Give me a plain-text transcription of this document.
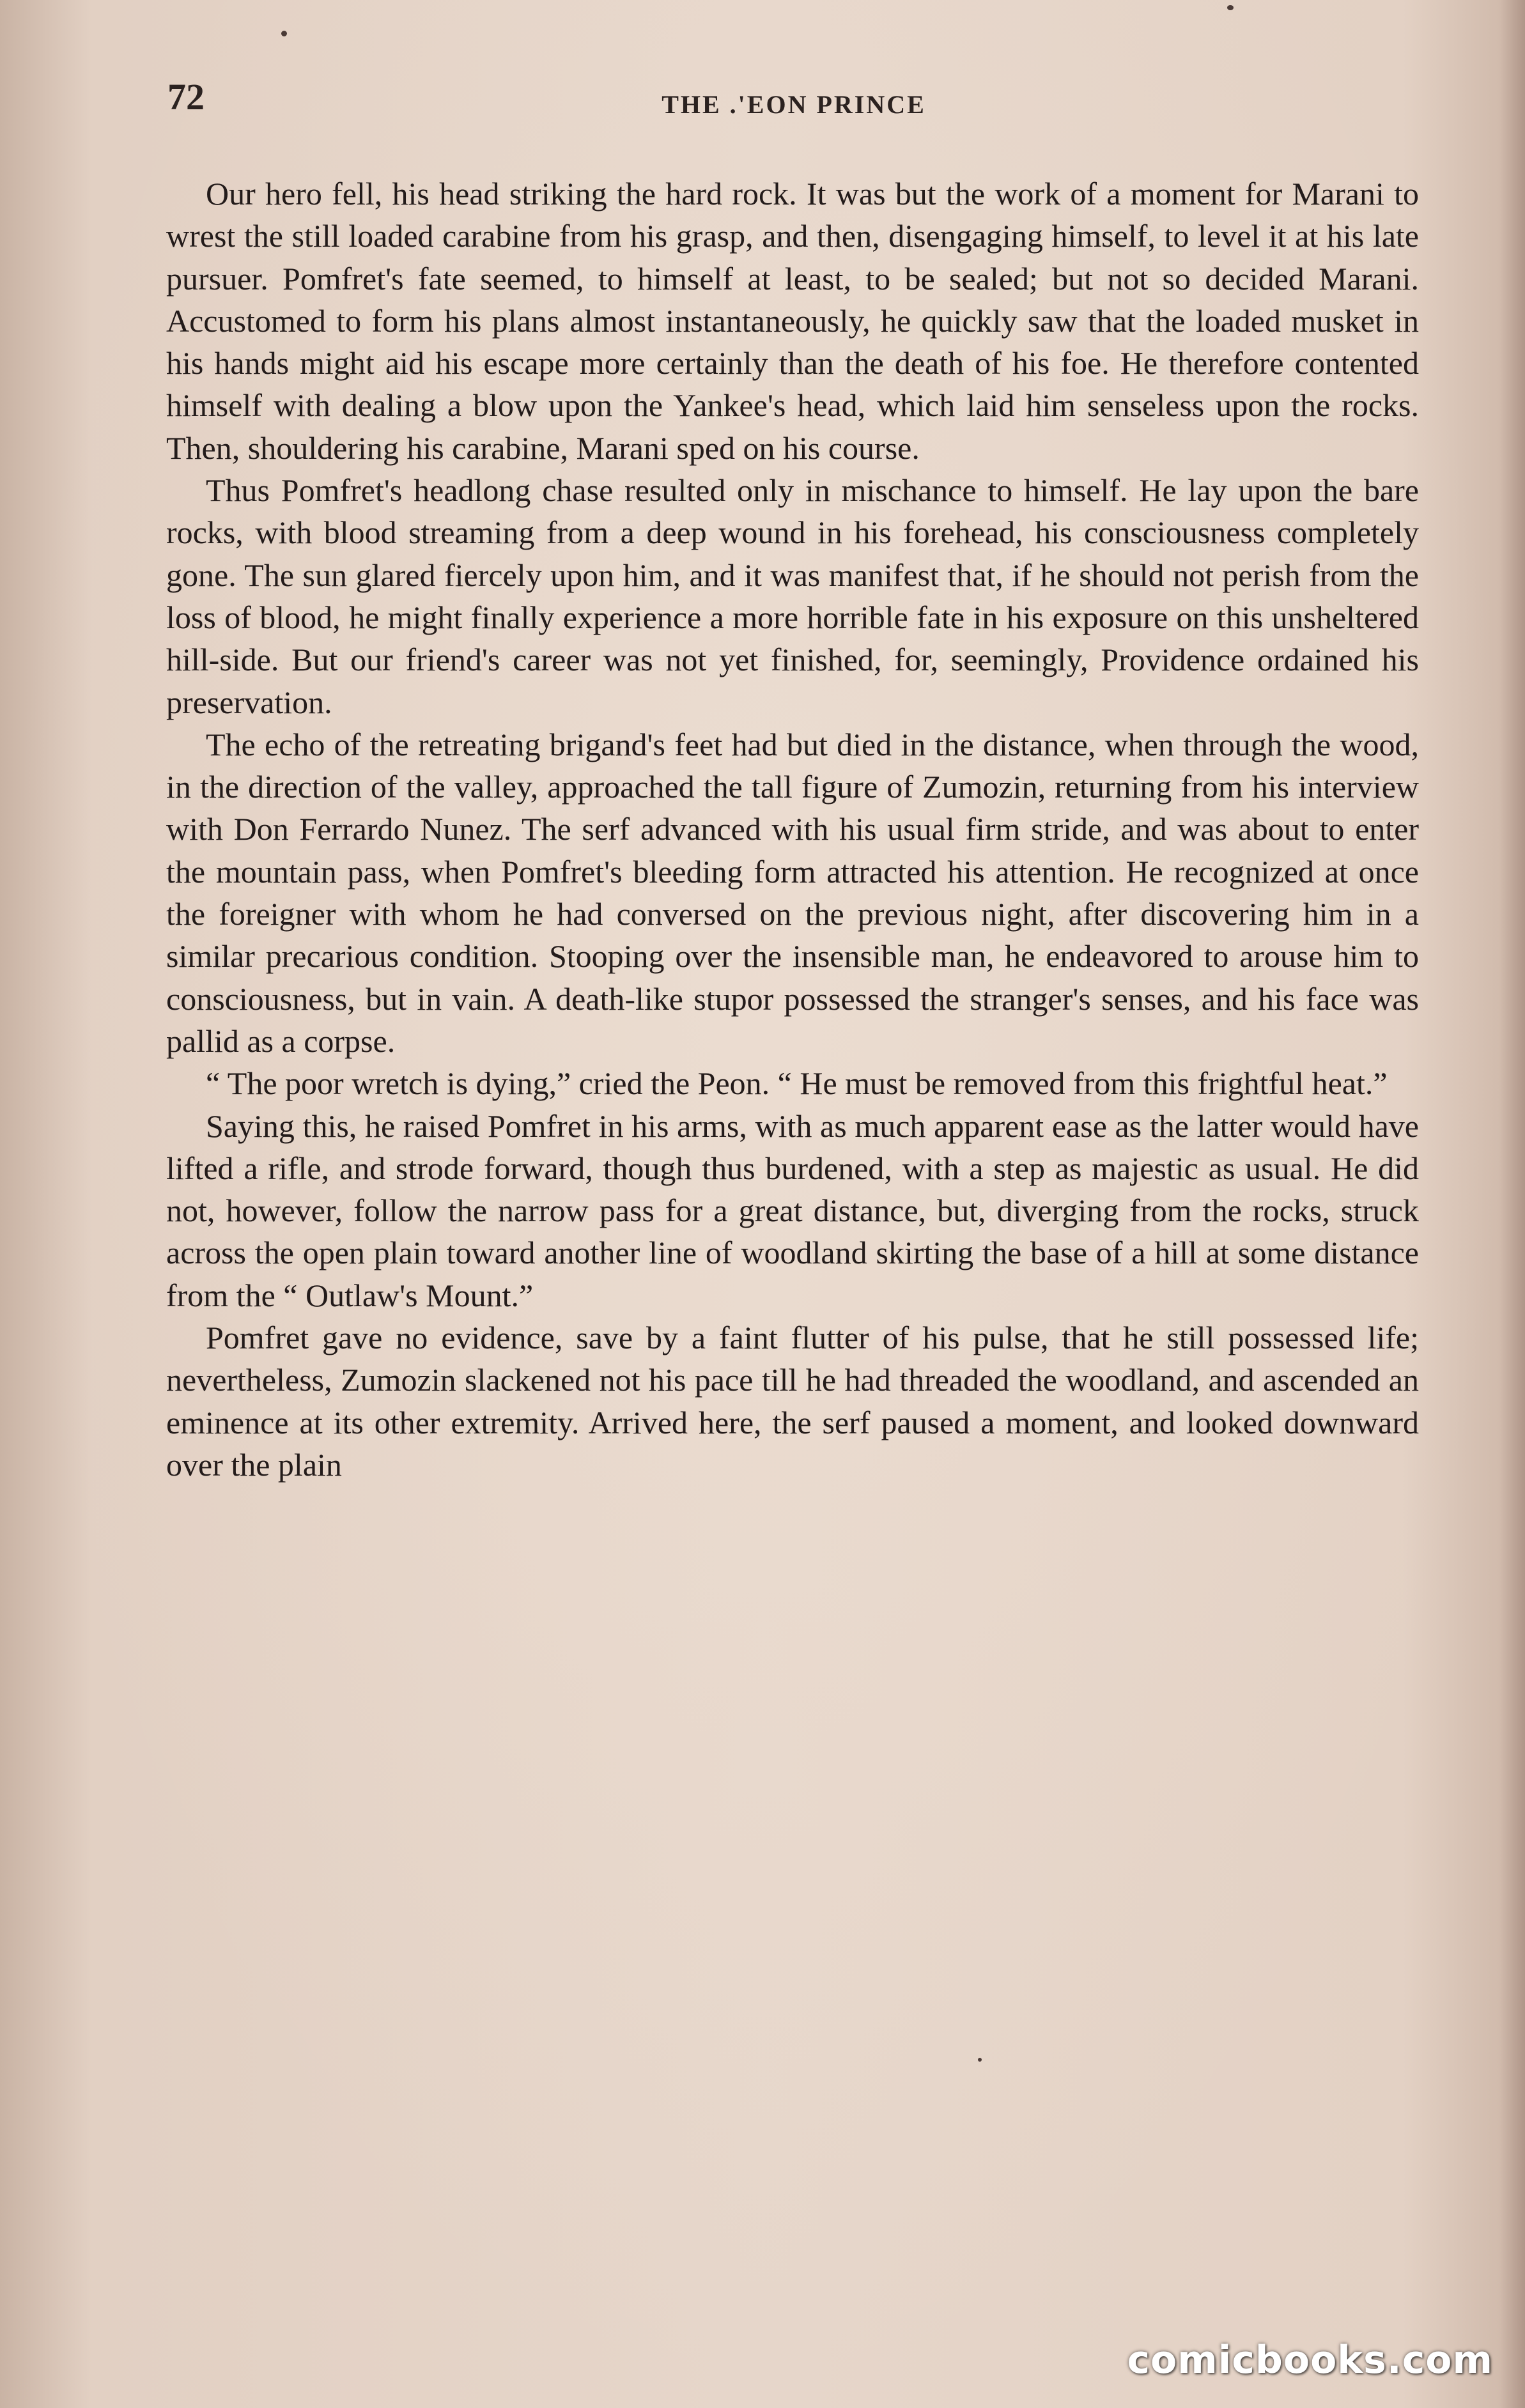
72	THE .'EON PRINCE

Our hero fell, his head striking the hard rock. It was but the work of a moment for Marani to wrest the still loaded carabine from his grasp, and then, disengaging himself, to level it at his late pursuer. Pomfret's fate seemed, to himself at least, to be sealed; but not so decided Marani. Accustomed to form his plans almost instantaneously, he quickly saw that the loaded musket in his hands might aid his escape more certainly than the death of his foe. He therefore contented himself with dealing a blow upon the Yankee's head, which laid him senseless upon the rocks. Then, shouldering his carabine, Marani sped on his course.

Thus Pomfret's headlong chase resulted only in mischance to himself. He lay upon the bare rocks, with blood streaming from a deep wound in his forehead, his consciousness completely gone. The sun glared fiercely upon him, and it was manifest that, if he should not perish from the loss of blood, he might finally experience a more horrible fate in his exposure on this unsheltered hill-side. But our friend's career was not yet finished, for, seemingly, Providence ordained his preservation.

The echo of the retreating brigand's feet had but died in the distance, when through the wood, in the direction of the valley, approached the tall figure of Zumozin, returning from his interview with Don Ferrardo Nunez. The serf advanced with his usual firm stride, and was about to enter the mountain pass, when Pomfret's bleeding form attracted his attention. He recognized at once the foreigner with whom he had conversed on the previous night, after discovering him in a similar precarious condition. Stooping over the insensible man, he endeavored to arouse him to consciousness, but in vain. A death-like stupor possessed the stranger's senses, and his face was pallid as a corpse.

“ The poor wretch is dying,” cried the Peon. “ He must be removed from this frightful heat.”

Saying this, he raised Pomfret in his arms, with as much apparent ease as the latter would have lifted a rifle, and strode forward, though thus burdened, with a step as majestic as usual. He did not, however, follow the narrow pass for a great distance, but, diverging from the rocks, struck across the open plain toward another line of woodland skirting the base of a hill at some distance from the “ Outlaw's Mount.”

Pomfret gave no evidence, save by a faint flutter of his pulse, that he still possessed life; nevertheless, Zumozin slackened not his pace till he had threaded the woodland, and ascended an eminence at its other extremity. Arrived here, the serf paused a moment, and looked downward over the plain

comicbooks.com
